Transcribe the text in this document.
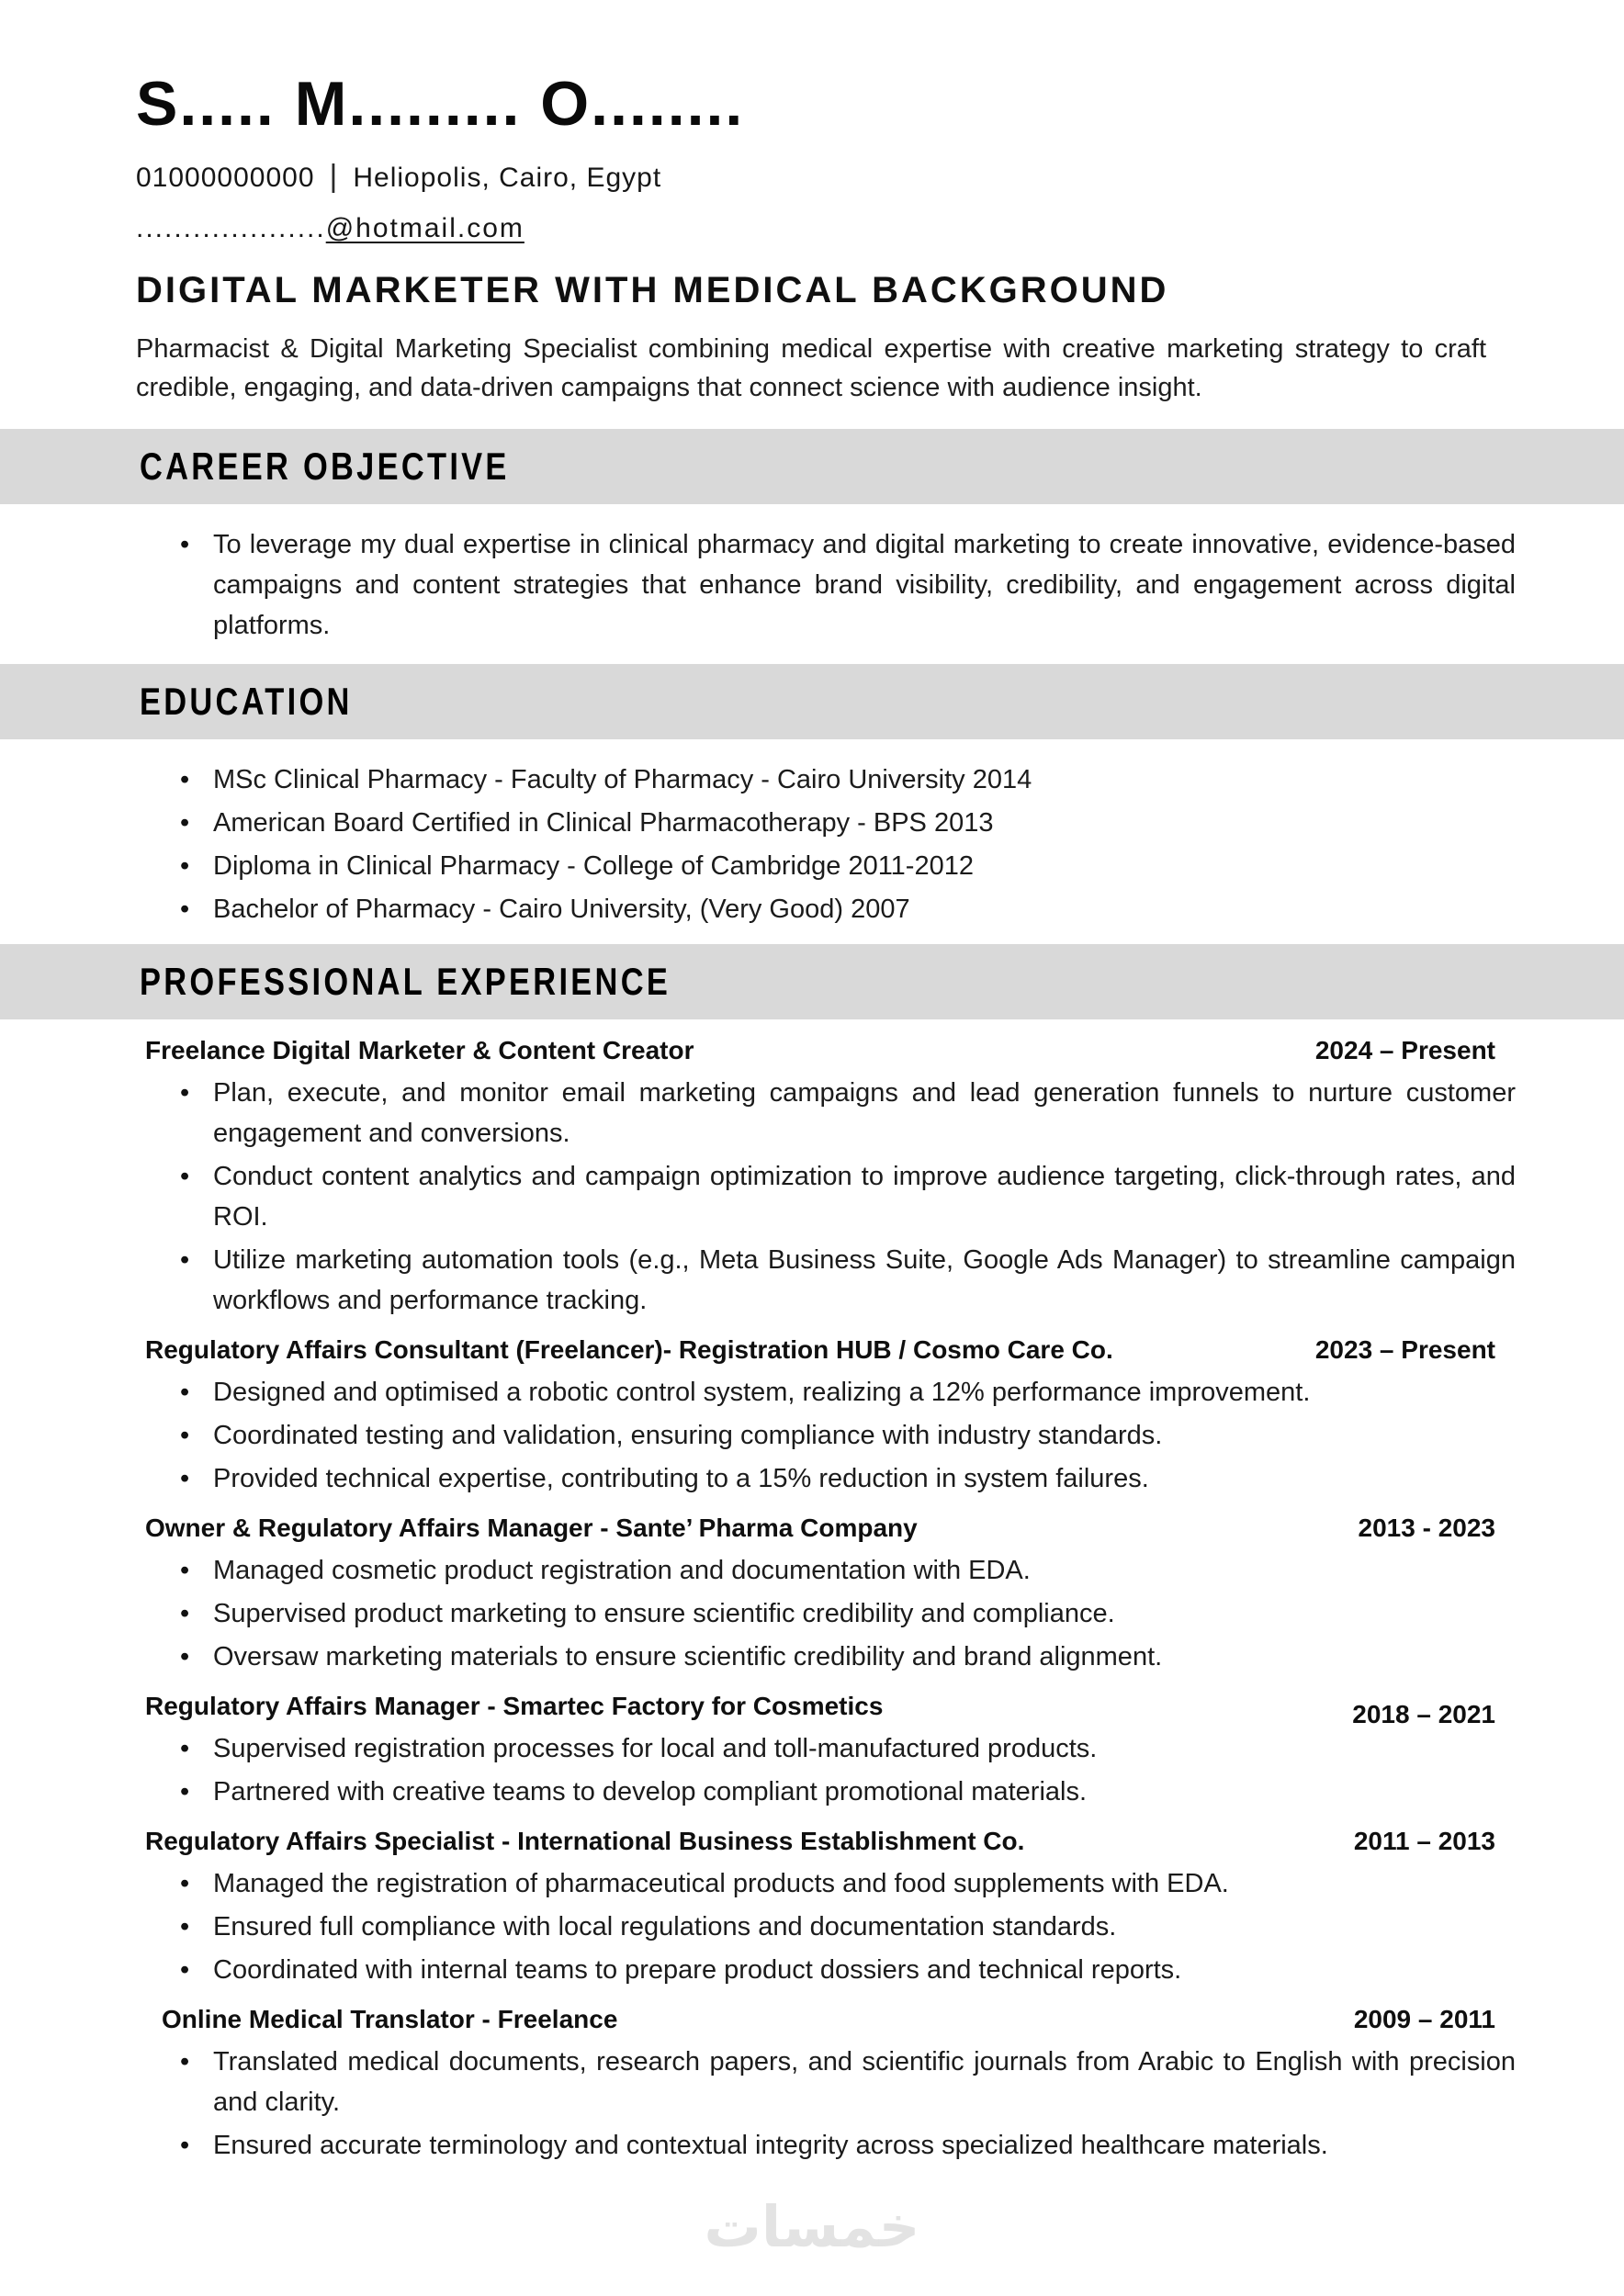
S..... M......... O........
01000000000 | Heliopolis, Cairo, Egypt
....................@hotmail.com
DIGITAL MARKETER WITH MEDICAL BACKGROUND

Pharmacist & Digital Marketing Specialist combining medical expertise with creative marketing strategy to craft credible, engaging, and data-driven campaigns that connect science with audience insight.

CAREER OBJECTIVE
• To leverage my dual expertise in clinical pharmacy and digital marketing to create innovative, evidence-based campaigns and content strategies that enhance brand visibility, credibility, and engagement across digital platforms.
EDUCATION
• MSc Clinical Pharmacy - Faculty of Pharmacy - Cairo University 2014
• American Board Certified in Clinical Pharmacotherapy - BPS 2013
• Diploma in Clinical Pharmacy - College of Cambridge 2011-2012
• Bachelor of Pharmacy - Cairo University, (Very Good) 2007
PROFESSIONAL EXPERIENCE
Freelance Digital Marketer & Content Creator	2024 – Present
• Plan, execute, and monitor email marketing campaigns and lead generation funnels to nurture customer engagement and conversions.
• Conduct content analytics and campaign optimization to improve audience targeting, click-through rates, and ROI.
• Utilize marketing automation tools (e.g., Meta Business Suite, Google Ads Manager) to streamline campaign workflows and performance tracking.
Regulatory Affairs Consultant (Freelancer)- Registration HUB / Cosmo Care Co.	2023 – Present
• Designed and optimised a robotic control system, realizing a 12% performance improvement.
• Coordinated testing and validation, ensuring compliance with industry standards.
• Provided technical expertise, contributing to a 15% reduction in system failures.
Owner & Regulatory Affairs Manager - Sante’ Pharma Company	2013 - 2023
• Managed cosmetic product registration and documentation with EDA.
• Supervised product marketing to ensure scientific credibility and compliance.
• Oversaw marketing materials to ensure scientific credibility and brand alignment.
Regulatory Affairs Manager - Smartec Factory for Cosmetics	2018 – 2021
• Supervised registration processes for local and toll-manufactured products.
• Partnered with creative teams to develop compliant promotional materials.
Regulatory Affairs Specialist - International Business Establishment Co.	2011 – 2013
• Managed the registration of pharmaceutical products and food supplements with EDA.
• Ensured full compliance with local regulations and documentation standards.
• Coordinated with internal teams to prepare product dossiers and technical reports.
Online Medical Translator - Freelance	2009 – 2011
• Translated medical documents, research papers, and scientific journals from Arabic to English with precision and clarity.
• Ensured accurate terminology and contextual integrity across specialized healthcare materials.
خمسات
